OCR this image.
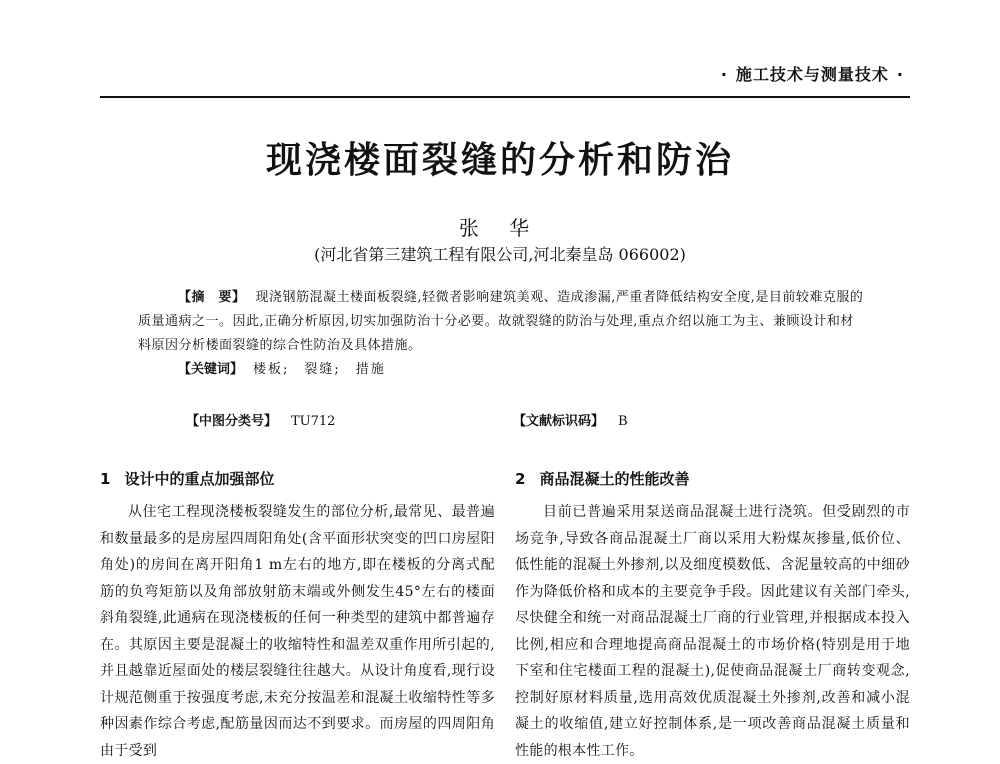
· 施工技术与测量技术 ·
现浇楼面裂缝的分析和防治
张 华
(河北省第三建筑工程有限公司,河北秦皇岛 066002)
【摘　要】 现浇钢筋混凝土楼面板裂缝,轻微者影响建筑美观、造成渗漏,严重者降低结构安全度,是目前较难克服的质量通病之一。因此,正确分析原因,切实加强防治十分必要。故就裂缝的防治与处理,重点介绍以施工为主、兼顾设计和材料原因分析楼面裂缝的综合性防治及具体措施。
【关键词】 楼板;　裂缝;　措施
【中图分类号】 TU712	【文献标识码】 B
1 设计中的重点加强部位

从住宅工程现浇楼板裂缝发生的部位分析,最常见、最普遍和数量最多的是房屋四周阳角处(含平面形状突变的凹口房屋阳角处)的房间在离开阳角1 m左右的地方,即在楼板的分离式配筋的负弯矩筋以及角部放射筋末端或外侧发生45°左右的楼面斜角裂缝,此通病在现浇楼板的任何一种类型的建筑中都普遍存在。其原因主要是混凝土的收缩特性和温差双重作用所引起的,并且越靠近屋面处的楼层裂缝往往越大。从设计角度看,现行设计规范侧重于按强度考虑,未充分按温差和混凝土收缩特性等多种因素作综合考虑,配筋量因而达不到要求。而房屋的四周阳角由于受到

2 商品混凝土的性能改善

目前已普遍采用泵送商品混凝土进行浇筑。但受剧烈的市场竞争,导致各商品混凝土厂商以采用大粉煤灰掺量,低价位、低性能的混凝土外掺剂,以及细度模数低、含泥量较高的中细砂作为降低价格和成本的主要竞争手段。因此建议有关部门牵头,尽快健全和统一对商品混凝土厂商的行业管理,并根据成本投入比例,相应和合理地提高商品混凝土的市场价格(特别是用于地下室和住宅楼面工程的混凝土),促使商品混凝土厂商转变观念,控制好原材料质量,选用高效优质混凝土外掺剂,改善和减小混凝土的收缩值,建立好控制体系,是一项改善商品混凝土质量和性能的根本性工作。
